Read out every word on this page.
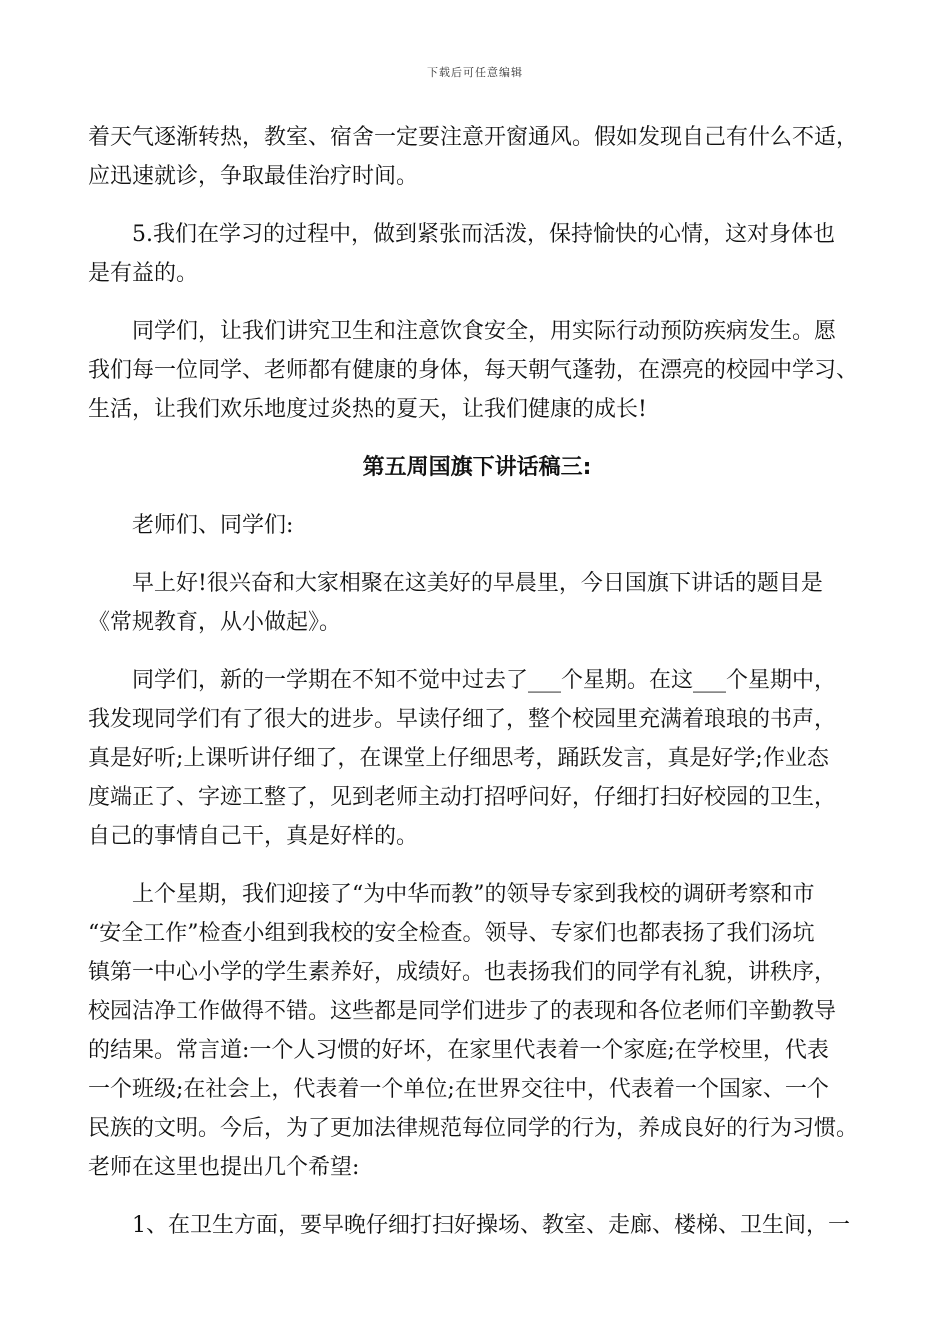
下载后可任意编辑

着天气逐渐转热，教室、宿舍一定要注意开窗通风。假如发现自己有什么不适，
应迅速就诊，争取最佳治疗时间。

5.我们在学习的过程中，做到紧张而活泼，保持愉快的心情，这对身体也
是有益的。

同学们，让我们讲究卫生和注意饮食安全，用实际行动预防疾病发生。愿
我们每一位同学、老师都有健康的身体，每天朝气蓬勃，在漂亮的校园中学习、
生活，让我们欢乐地度过炎热的夏天，让我们健康的成长!

第五周国旗下讲话稿三:

老师们、同学们:

早上好!很兴奋和大家相聚在这美好的早晨里，今日国旗下讲话的题目是
《常规教育，从小做起》。

同学们，新的一学期在不知不觉中过去了___个星期。在这___个星期中，
我发现同学们有了很大的进步。早读仔细了，整个校园里充满着琅琅的书声，
真是好听;上课听讲仔细了，在课堂上仔细思考，踊跃发言，真是好学;作业态
度端正了、字迹工整了，见到老师主动打招呼问好，仔细打扫好校园的卫生，
自己的事情自己干，真是好样的。

上个星期，我们迎接了“为中华而教”的领导专家到我校的调研考察和市
“安全工作”检查小组到我校的安全检查。领导、专家们也都表扬了我们汤坑
镇第一中心小学的学生素养好，成绩好。也表扬我们的同学有礼貌，讲秩序，
校园洁净工作做得不错。这些都是同学们进步了的表现和各位老师们辛勤教导
的结果。常言道:一个人习惯的好坏，在家里代表着一个家庭;在学校里，代表
一个班级;在社会上，代表着一个单位;在世界交往中，代表着一个国家、一个
民族的文明。今后，为了更加法律规范每位同学的行为，养成良好的行为习惯。
老师在这里也提出几个希望:

1、在卫生方面，要早晚仔细打扫好操场、教室、走廊、楼梯、卫生间，一
